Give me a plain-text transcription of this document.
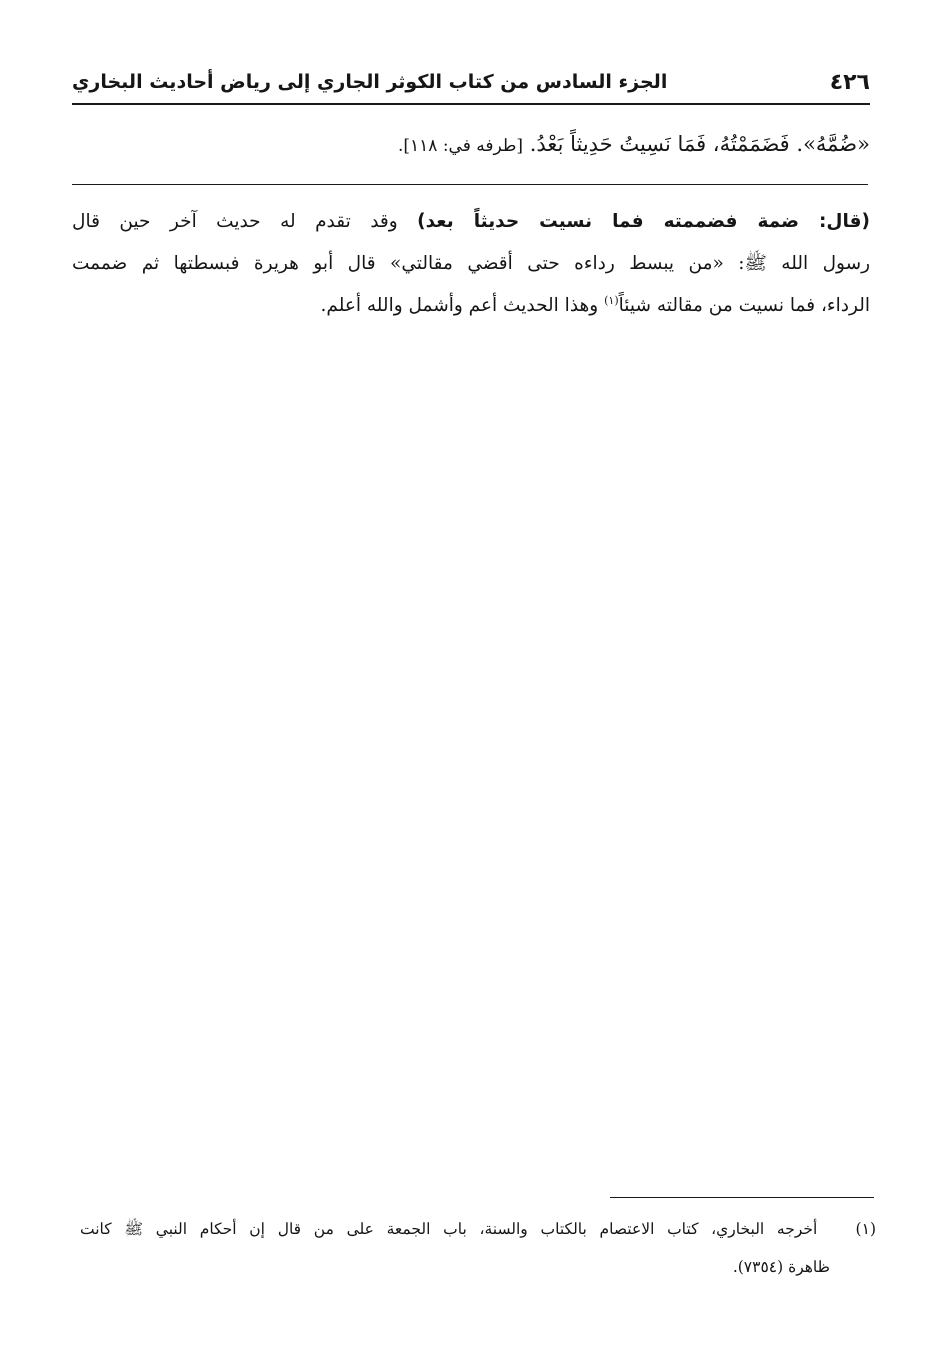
٤٢٦
الجزء السادس من كتاب الكوثر الجاري إلى رياض أحاديث البخاري
«ضُمَّهُ». فَضَمَمْتُهُ، فَمَا نَسِيتُ حَدِيثاً بَعْدُ. [طرفه في: ١١٨].
(قال: ضمة فضممته فما نسيت حديثاً بعد) وقد تقدم له حديث آخر حين قال
رسول الله ﷺ: «من يبسط رداءه حتى أقضي مقالتي» قال أبو هريرة فبسطتها ثم ضممت
الرداء، فما نسيت من مقالته شيئاً$^{(١)}$ وهذا الحديث أعم وأشمل والله أعلم.
(١) أخرجه البخاري، كتاب الاعتصام بالكتاب والسنة، باب الجمعة على من قال إن أحكام النبي ﷺ كانت
ظاهرة (٧٣٥٤).
